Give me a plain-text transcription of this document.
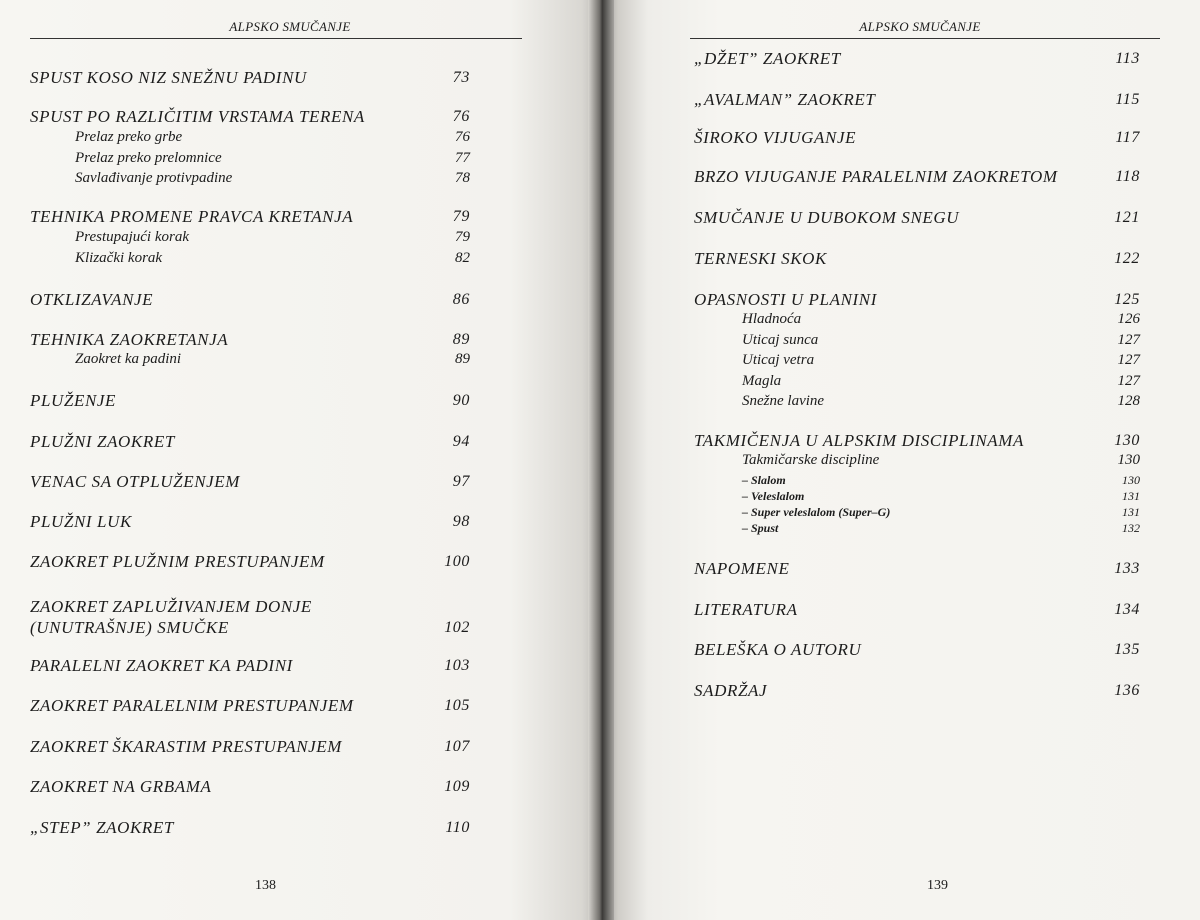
ALPSKO SMUČANJE
SPUST KOSO NIZ SNEŽNU PADINU	73
SPUST PO RAZLIČITIM VRSTAMA TERENA	76
Prelaz preko grbe	76
Prelaz preko prelomnice	77
Savlađivanje protivpadine	78
TEHNIKA PROMENE PRAVCA KRETANJA	79
Prestupajući korak	79
Klizački korak	82
OTKLIZAVANJE	86
TEHNIKA ZAOKRETANJA	89
Zaokret ka padini	89
PLUŽENJE	90
PLUŽNI ZAOKRET	94
VENAC SA OTPLUŽENJEM	97
PLUŽNI LUK	98
ZAOKRET PLUŽNIM PRESTUPANJEM	100
ZAOKRET ZAPLUŽIVANJEM DONJE
(UNUTRAŠNJE) SMUČKE	102
PARALELNI ZAOKRET KA PADINI	103
ZAOKRET PARALELNIM PRESTUPANJEM	105
ZAOKRET ŠKARASTIM PRESTUPANJEM	107
ZAOKRET NA GRBAMA	109
„STEP” ZAOKRET	110
138
ALPSKO SMUČANJE
„DŽET” ZAOKRET	113
„AVALMAN” ZAOKRET	115
ŠIROKO VIJUGANJE	117
BRZO VIJUGANJE PARALELNIM ZAOKRETOM	118
SMUČANJE U DUBOKOM SNEGU	121
TERNESKI SKOK	122
OPASNOSTI U PLANINI	125
Hladnoća	126
Uticaj sunca	127
Uticaj vetra	127
Magla	127
Snežne lavine	128
TAKMIČENJA U ALPSKIM DISCIPLINAMA	130
Takmičarske discipline	130
– Slalom	130
– Veleslalom	131
– Super veleslalom (Super–G)	131
– Spust	132
NAPOMENE	133
LITERATURA	134
BELEŠKA O AUTORU	135
SADRŽAJ	136
139
